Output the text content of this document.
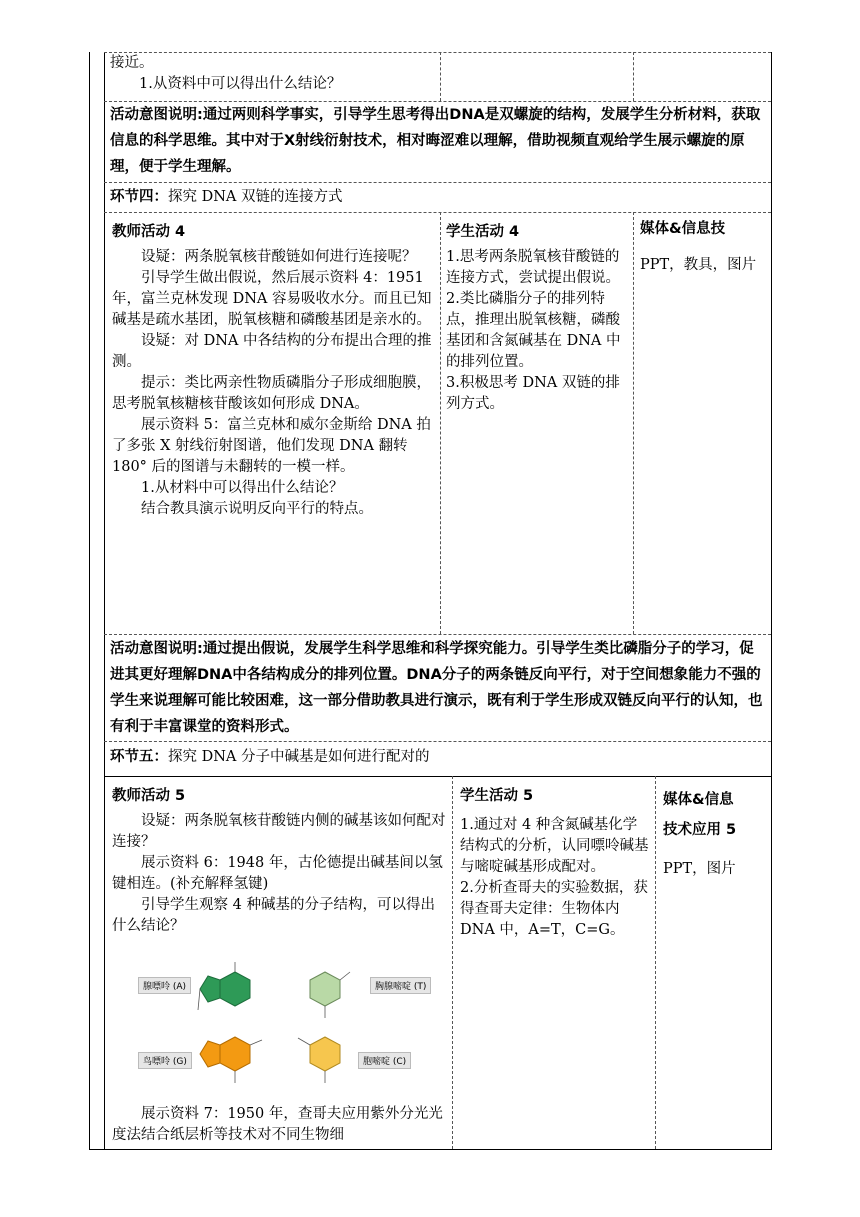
接近。

1.从资料中可以得出什么结论？

活动意图说明:通过两则科学事实，引导学生思考得出DNA是双螺旋的结构，发展学生分析材料，获取信息的科学思维。其中对于X射线衍射技术，相对晦涩难以理解，借助视频直观给学生展示螺旋的原理，便于学生理解。
环节四：探究 DNA 双链的连接方式

教师活动 4

设疑：两条脱氧核苷酸链如何进行连接呢？

引导学生做出假说，然后展示资料 4：1951 年，富兰克林发现 DNA 容易吸收水分。而且已知碱基是疏水基团，脱氧核糖和磷酸基团是亲水的。

设疑：对 DNA 中各结构的分布提出合理的推测。

提示：类比两亲性物质磷脂分子形成细胞膜，思考脱氧核糖核苷酸该如何形成 DNA。

展示资料 5：富兰克林和威尔金斯给 DNA 拍了多张 X 射线衍射图谱，他们发现 DNA 翻转 180° 后的图谱与未翻转的一模一样。

1.从材料中可以得出什么结论？

结合教具演示说明反向平行的特点。

学生活动 4

1.思考两条脱氧核苷酸链的连接方式，尝试提出假说。

2.类比磷脂分子的排列特点，推理出脱氧核糖，磷酸基团和含氮碱基在 DNA 中的排列位置。

3.积极思考 DNA 双链的排列方式。

媒体&信息技

PPT，教具，图片

活动意图说明:通过提出假说，发展学生科学思维和科学探究能力。引导学生类比磷脂分子的学习，促进其更好理解DNA中各结构成分的排列位置。DNA分子的两条链反向平行，对于空间想象能力不强的学生来说理解可能比较困难，这一部分借助教具进行演示，既有利于学生形成双链反向平行的认知，也有利于丰富课堂的资料形式。
环节五：探究 DNA 分子中碱基是如何进行配对的

教师活动 5

设疑：两条脱氧核苷酸链内侧的碱基该如何配对连接？

展示资料 6：1948 年，古伦德提出碱基间以氢键相连。(补充解释氢键)

引导学生观察 4 种碱基的分子结构，可以得出什么结论？

腺嘌呤 (A)	胸腺嘧啶 (T)
鸟嘌呤 (G)	胞嘧啶 (C)

展示资料 7：1950 年，查哥夫应用紫外分光光度法结合纸层析等技术对不同生物细

学生活动 5

1.通过对 4 种含氮碱基化学结构式的分析，认同嘌呤碱基与嘧啶碱基形成配对。

2.分析查哥夫的实验数据，获得查哥夫定律：生物体内 DNA 中，A=T，C=G。

媒体&信息

技术应用 5

PPT，图片
